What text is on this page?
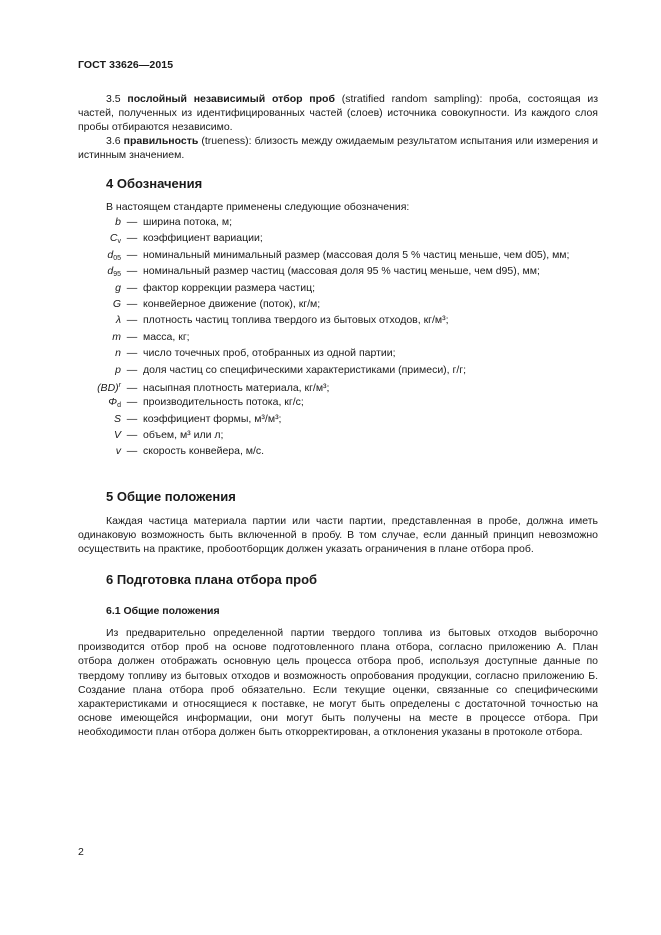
ГОСТ 33626—2015
3.5 послойный независимый отбор проб (stratified random sampling): проба, состоящая из частей, полученных из идентифицированных частей (слоев) источника совокупности. Из каждого слоя пробы отбираются независимо.
3.6 правильность (trueness): близость между ожидаемым результатом испытания или измерения и истинным значением.
4 Обозначения
В настоящем стандарте применены следующие обозначения:
b — ширина потока, м;
$C_v$ — коэффициент вариации;
$d_{05}$ — номинальный минимальный размер (массовая доля 5 % частиц меньше, чем d05), мм;
$d_{95}$ — номинальный размер частиц (массовая доля 95 % частиц меньше, чем d95), мм;
g — фактор коррекции размера частиц;
G — конвейерное движение (поток), кг/м;
λ — плотность частиц топлива твердого из бытовых отходов, кг/м³;
m — масса, кг;
n — число точечных проб, отобранных из одной партии;
p — доля частиц со специфическими характеристиками (примеси), г/г;
(BD)$^r$ — насыпная плотность материала, кг/м³;
$\Phi_d$ — производительность потока, кг/с;
S — коэффициент формы, м³/м³;
V — объем, м³ или л;
v — скорость конвейера, м/с.
5 Общие положения
Каждая частица материала партии или части партии, представленная в пробе, должна иметь одинаковую возможность быть включенной в пробу. В том случае, если данный принцип невозможно осуществить на практике, пробоотборщик должен указать ограничения в плане отбора проб.
6 Подготовка плана отбора проб
6.1 Общие положения
Из предварительно определенной партии твердого топлива из бытовых отходов выборочно производится отбор проб на основе подготовленного плана отбора, согласно приложению А. План отбора должен отображать основную цель процесса отбора проб, используя доступные данные по твердому топливу из бытовых отходов и возможность опробования продукции, согласно приложению Б. Создание плана отбора проб обязательно. Если текущие оценки, связанные со специфическими характеристиками и относящиеся к поставке, не могут быть определены с достаточной точностью на основе имеющейся информации, они могут быть получены на месте в процессе отбора. При необходимости план отбора должен быть откорректирован, а отклонения указаны в протоколе отбора.
2
